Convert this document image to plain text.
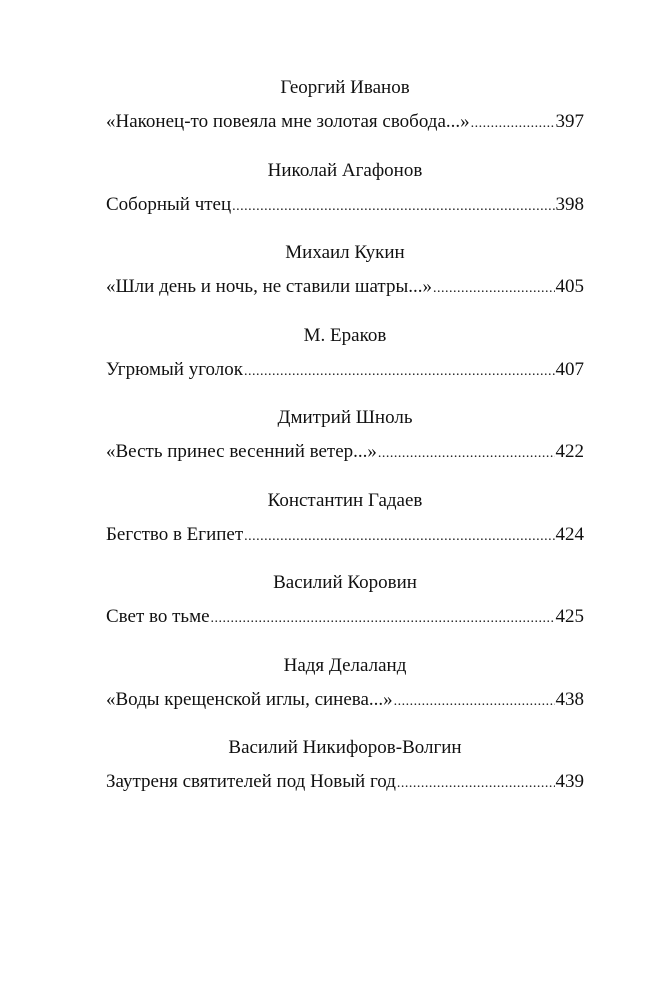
Георгий Иванов
«Наконец-то повеяла мне золотая свобода...» .....	397
Николай Агафонов
Соборный чтец .....	398
Михаил Кукин
«Шли день и ночь, не ставили шатры...» .....	405
М. Ераков
Угрюмый уголок .....	407
Дмитрий Шноль
«Весть принес весенний ветер...» .....	422
Константин Гадаев
Бегство в Египет .....	424
Василий Коровин
Свет во тьме .....	425
Надя Делаланд
«Воды крещенской иглы, синева...» .....	438
Василий Никифоров-Волгин
Заутреня святителей под Новый год .....	439
